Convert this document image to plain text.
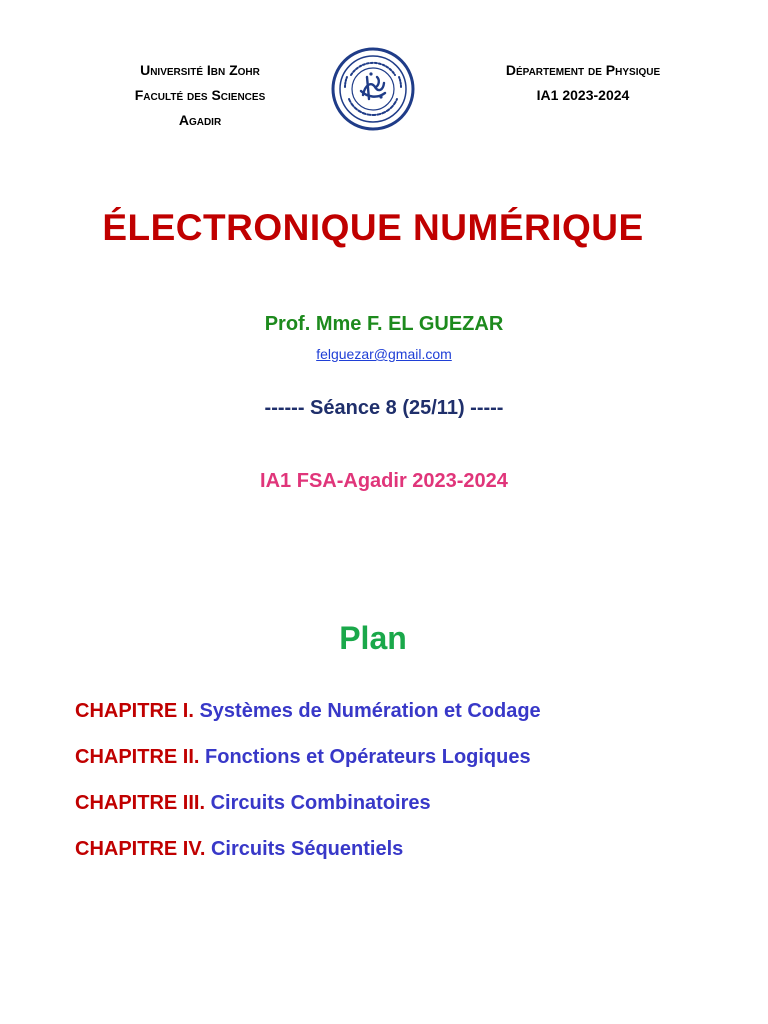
Université Ibn Zohr
Faculté des Sciences
Agadir
Département de Physique
IA1 2023-2024
ÉLECTRONIQUE NUMÉRIQUE
Prof. Mme F. EL GUEZAR
felguezar@gmail.com
------ Séance 8 (25/11) -----
IA1 FSA-Agadir 2023-2024
Plan
CHAPITRE I. Systèmes de Numération et Codage
CHAPITRE II. Fonctions et Opérateurs Logiques
CHAPITRE III. Circuits Combinatoires
CHAPITRE IV. Circuits Séquentiels
